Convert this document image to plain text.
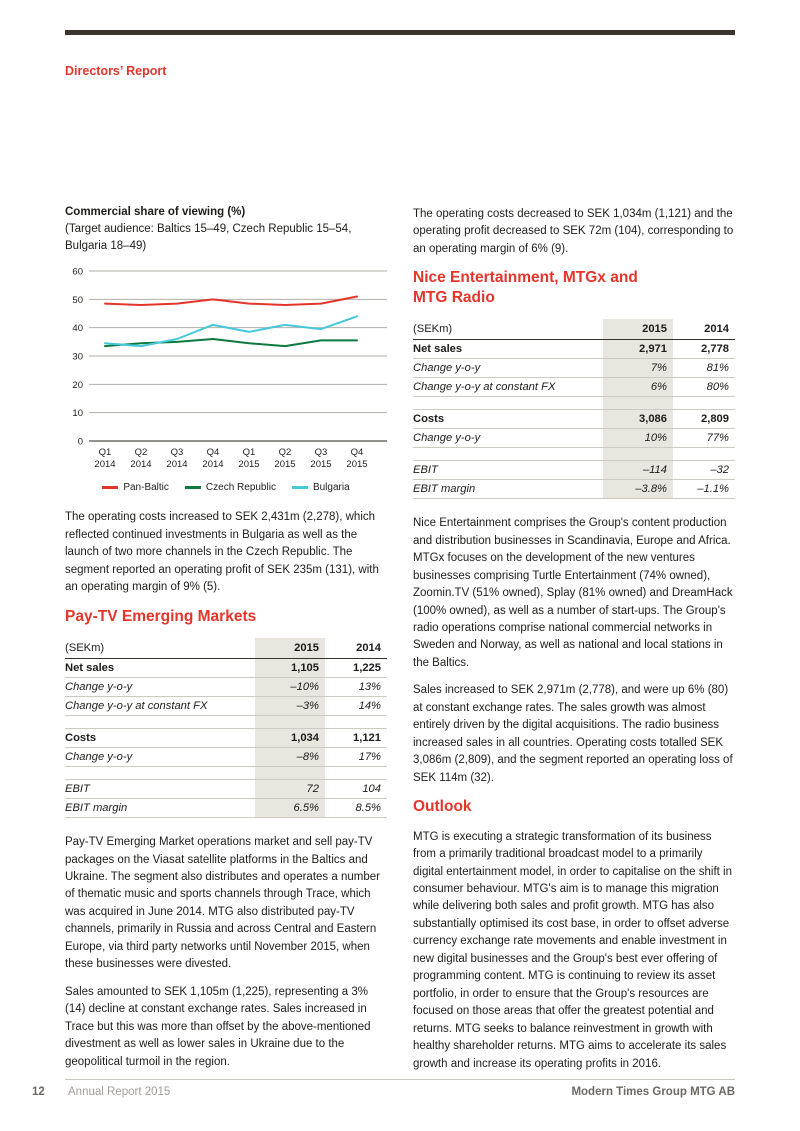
Directors’ Report
Commercial share of viewing (%)
(Target audience: Baltics 15–49, Czech Republic 15–54, Bulgaria 18–49)
0
10
20
30
40
50
60
Q1 2014
Q2 2014
Q3 2014
Q4 2014
Q1 2015
Q2 2015
Q3 2015
Q4 2015
Pan-Baltic	Czech Republic	Bulgaria

The operating costs increased to SEK 2,431m (2,278), which reflected continued investments in Bulgaria as well as the launch of two more channels in the Czech Republic. The segment reported an operating profit of SEK 235m (131), with an operating margin of 9% (5).

Pay-TV Emerging Markets
(SEKm)	2015	2014
Net sales	1,105	1,225
Change y-o-y	–10%	13%
Change y-o-y at constant FX	–3%	14%
Costs	1,034	1,121
Change y-o-y	–8%	17%
EBIT	72	104
EBIT margin	6.5%	8.5%

Pay-TV Emerging Market operations market and sell pay-TV packages on the Viasat satellite platforms in the Baltics and Ukraine. The segment also distributes and operates a number of thematic music and sports channels through Trace, which was acquired in June 2014. MTG also distributed pay-TV channels, primarily in Russia and across Central and Eastern Europe, via third party networks until November 2015, when these businesses were divested.

Sales amounted to SEK 1,105m (1,225), representing a 3% (14) decline at constant exchange rates. Sales increased in Trace but this was more than offset by the above-mentioned divestment as well as lower sales in Ukraine due to the geopolitical turmoil in the region.

The operating costs decreased to SEK 1,034m (1,121) and the operating profit decreased to SEK 72m (104), corresponding to an operating margin of 6% (9).

Nice Entertainment, MTGx and MTG Radio
(SEKm)	2015	2014
Net sales	2,971	2,778
Change y-o-y	7%	81%
Change y-o-y at constant FX	6%	80%
Costs	3,086	2,809
Change y-o-y	10%	77%
EBIT	–114	–32
EBIT margin	–3.8%	–1.1%

Nice Entertainment comprises the Group's content production and distribution businesses in Scandinavia, Europe and Africa. MTGx focuses on the development of the new ventures businesses comprising Turtle Entertainment (74% owned), Zoomin.TV (51% owned), Splay (81% owned) and DreamHack (100% owned), as well as a number of start-ups. The Group's radio operations comprise national commercial networks in Sweden and Norway, as well as national and local stations in the Baltics.

Sales increased to SEK 2,971m (2,778), and were up 6% (80) at constant exchange rates. The sales growth was almost entirely driven by the digital acquisitions. The radio business increased sales in all countries. Operating costs totalled SEK 3,086m (2,809), and the segment reported an operating loss of SEK 114m (32).

Outlook

MTG is executing a strategic transformation of its business from a primarily traditional broadcast model to a primarily digital entertainment model, in order to capitalise on the shift in consumer behaviour. MTG's aim is to manage this migration while delivering both sales and profit growth. MTG has also substantially optimised its cost base, in order to offset adverse currency exchange rate movements and enable investment in new digital businesses and the Group's best ever offering of programming content. MTG is continuing to review its asset portfolio, in order to ensure that the Group's resources are focused on those areas that offer the greatest potential and returns. MTG seeks to balance reinvestment in growth with healthy shareholder returns. MTG aims to accelerate its sales growth and increase its operating profits in 2016.

12 Annual Report 2015	Modern Times Group MTG AB
